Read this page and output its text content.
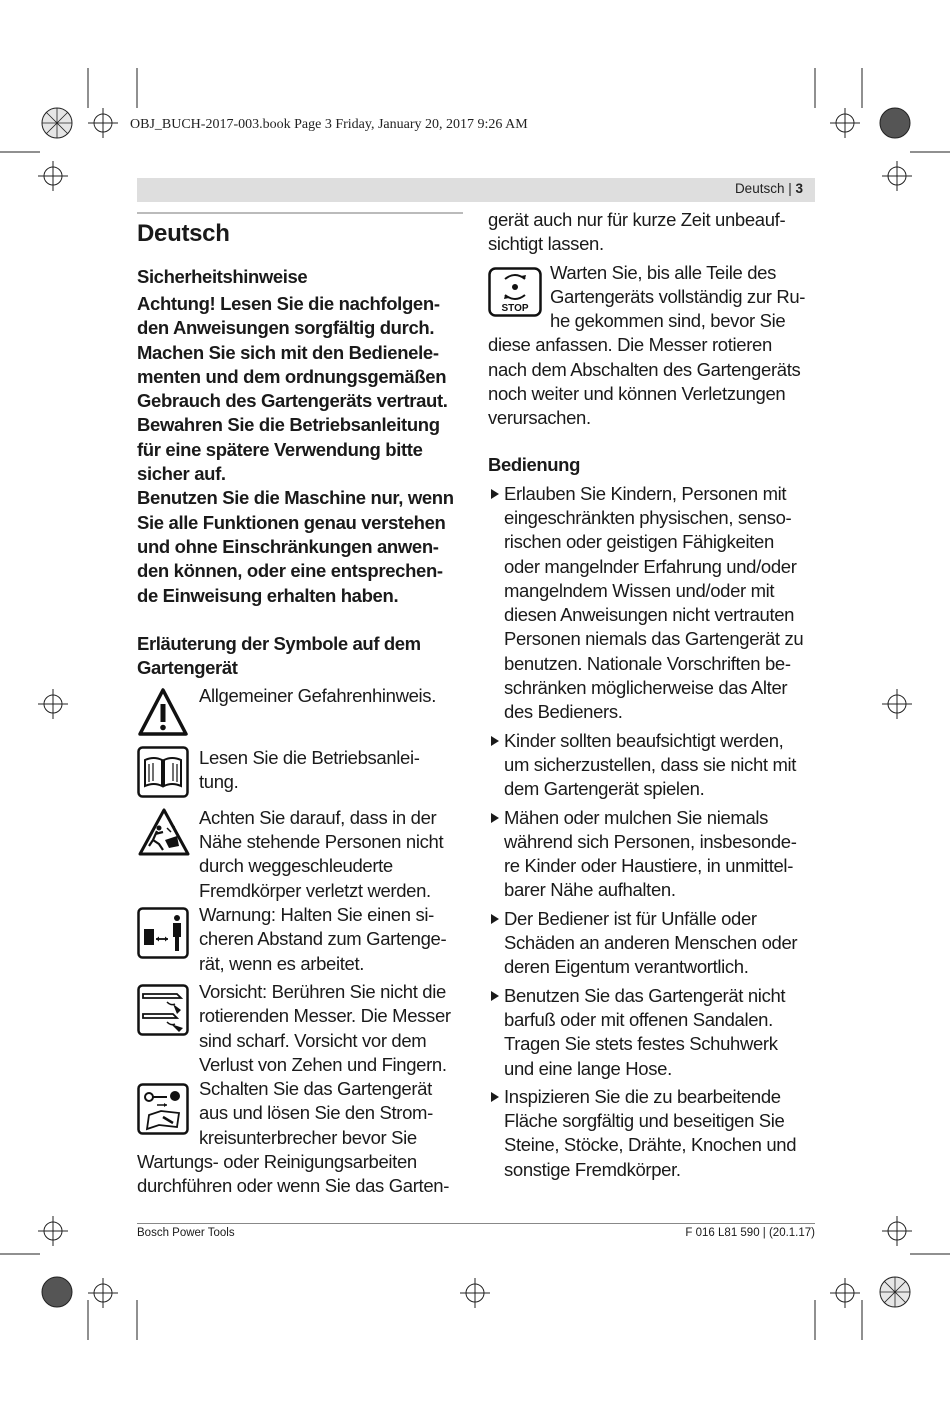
OBJ_BUCH-2017-003.book Page 3 Friday, January 20, 2017 9:26 AM
Deutsch | 3
Deutsch
Sicherheitshinweise
Achtung! Lesen Sie die nachfolgen-
den Anweisungen sorgfältig durch.
Machen Sie sich mit den Bedienele-
menten und dem ordnungsgemäßen
Gebrauch des Gartengeräts vertraut.
Bewahren Sie die Betriebsanleitung
für eine spätere Verwendung bitte
sicher auf.
Benutzen Sie die Maschine nur, wenn
Sie alle Funktionen genau verstehen
und ohne Einschränkungen anwen-
den können, oder eine entsprechen-
de Einweisung erhalten haben.
Erläuterung der Symbole auf dem
Gartengerät
Allgemeiner Gefahrenhinweis.
Lesen Sie die Betriebsanlei-
tung.
Achten Sie darauf, dass in der
Nähe stehende Personen nicht
durch weggeschleuderte
Fremdkörper verletzt werden.
Warnung: Halten Sie einen si-
cheren Abstand zum Gartenge-
rät, wenn es arbeitet.
Vorsicht: Berühren Sie nicht die
rotierenden Messer. Die Messer
sind scharf. Vorsicht vor dem
Verlust von Zehen und Fingern.
Schalten Sie das Gartengerät
aus und lösen Sie den Strom-
kreisunterbrecher bevor Sie
Wartungs- oder Reinigungsarbeiten
durchführen oder wenn Sie das Garten-
gerät auch nur für kurze Zeit unbeauf-
sichtigt lassen.
STOP
Warten Sie, bis alle Teile des
Gartengeräts vollständig zur Ru-
he gekommen sind, bevor Sie
diese anfassen. Die Messer rotieren
nach dem Abschalten des Gartengeräts
noch weiter und können Verletzungen
verursachen.
Bedienung
Erlauben Sie Kindern, Personen mit
eingeschränkten physischen, senso-
rischen oder geistigen Fähigkeiten
oder mangelnder Erfahrung und/oder
mangelndem Wissen und/oder mit
diesen Anweisungen nicht vertrauten
Personen niemals das Gartengerät zu
benutzen. Nationale Vorschriften be-
schränken möglicherweise das Alter
des Bedieners.
Kinder sollten beaufsichtigt werden,
um sicherzustellen, dass sie nicht mit
dem Gartengerät spielen.
Mähen oder mulchen Sie niemals
während sich Personen, insbesonde-
re Kinder oder Haustiere, in unmittel-
barer Nähe aufhalten.
Der Bediener ist für Unfälle oder
Schäden an anderen Menschen oder
deren Eigentum verantwortlich.
Benutzen Sie das Gartengerät nicht
barfuß oder mit offenen Sandalen.
Tragen Sie stets festes Schuhwerk
und eine lange Hose.
Inspizieren Sie die zu bearbeitende
Fläche sorgfältig und beseitigen Sie
Steine, Stöcke, Drähte, Knochen und
sonstige Fremdkörper.
Bosch Power Tools	F 016 L81 590 | (20.1.17)
